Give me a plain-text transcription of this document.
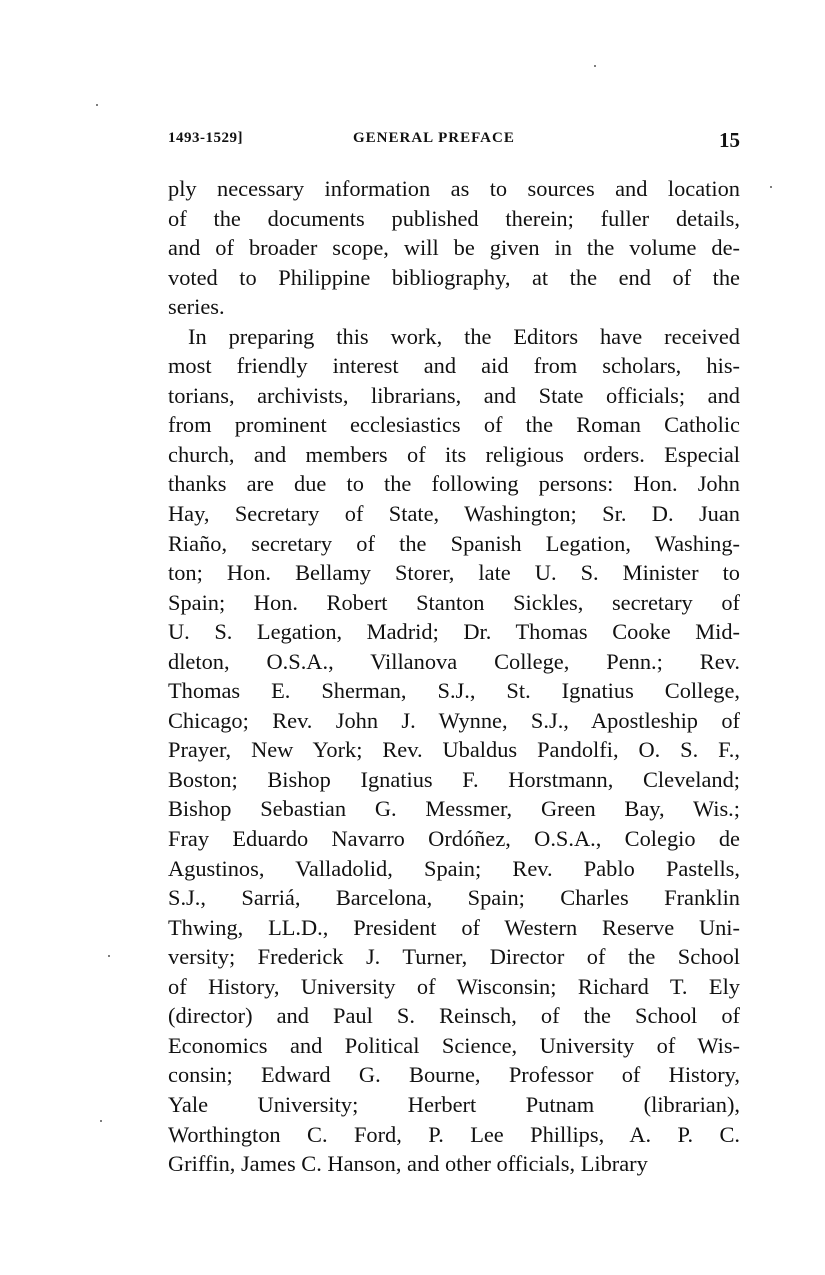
1493-1529]	GENERAL PREFACE	15
ply necessary information as to sources and location
of the documents published therein; fuller details,
and of broader scope, will be given in the volume de-
voted to Philippine bibliography, at the end of the
series.
In preparing this work, the Editors have received
most friendly interest and aid from scholars, his-
torians, archivists, librarians, and State officials; and
from prominent ecclesiastics of the Roman Catholic
church, and members of its religious orders. Especial
thanks are due to the following persons: Hon. John
Hay, Secretary of State, Washington; Sr. D. Juan
Riaño, secretary of the Spanish Legation, Washing-
ton; Hon. Bellamy Storer, late U. S. Minister to
Spain; Hon. Robert Stanton Sickles, secretary of
U. S. Legation, Madrid; Dr. Thomas Cooke Mid-
dleton, O.S.A., Villanova College, Penn.; Rev.
Thomas E. Sherman, S.J., St. Ignatius College,
Chicago; Rev. John J. Wynne, S.J., Apostleship of
Prayer, New York; Rev. Ubaldus Pandolfi, O. S. F.,
Boston; Bishop Ignatius F. Horstmann, Cleveland;
Bishop Sebastian G. Messmer, Green Bay, Wis.;
Fray Eduardo Navarro Ordóñez, O.S.A., Colegio de
Agustinos, Valladolid, Spain; Rev. Pablo Pastells,
S.J., Sarriá, Barcelona, Spain; Charles Franklin
Thwing, LL.D., President of Western Reserve Uni-
versity; Frederick J. Turner, Director of the School
of History, University of Wisconsin; Richard T. Ely
(director) and Paul S. Reinsch, of the School of
Economics and Political Science, University of Wis-
consin; Edward G. Bourne, Professor of History,
Yale University; Herbert Putnam (librarian),
Worthington C. Ford, P. Lee Phillips, A. P. C.
Griffin, James C. Hanson, and other officials, Library
